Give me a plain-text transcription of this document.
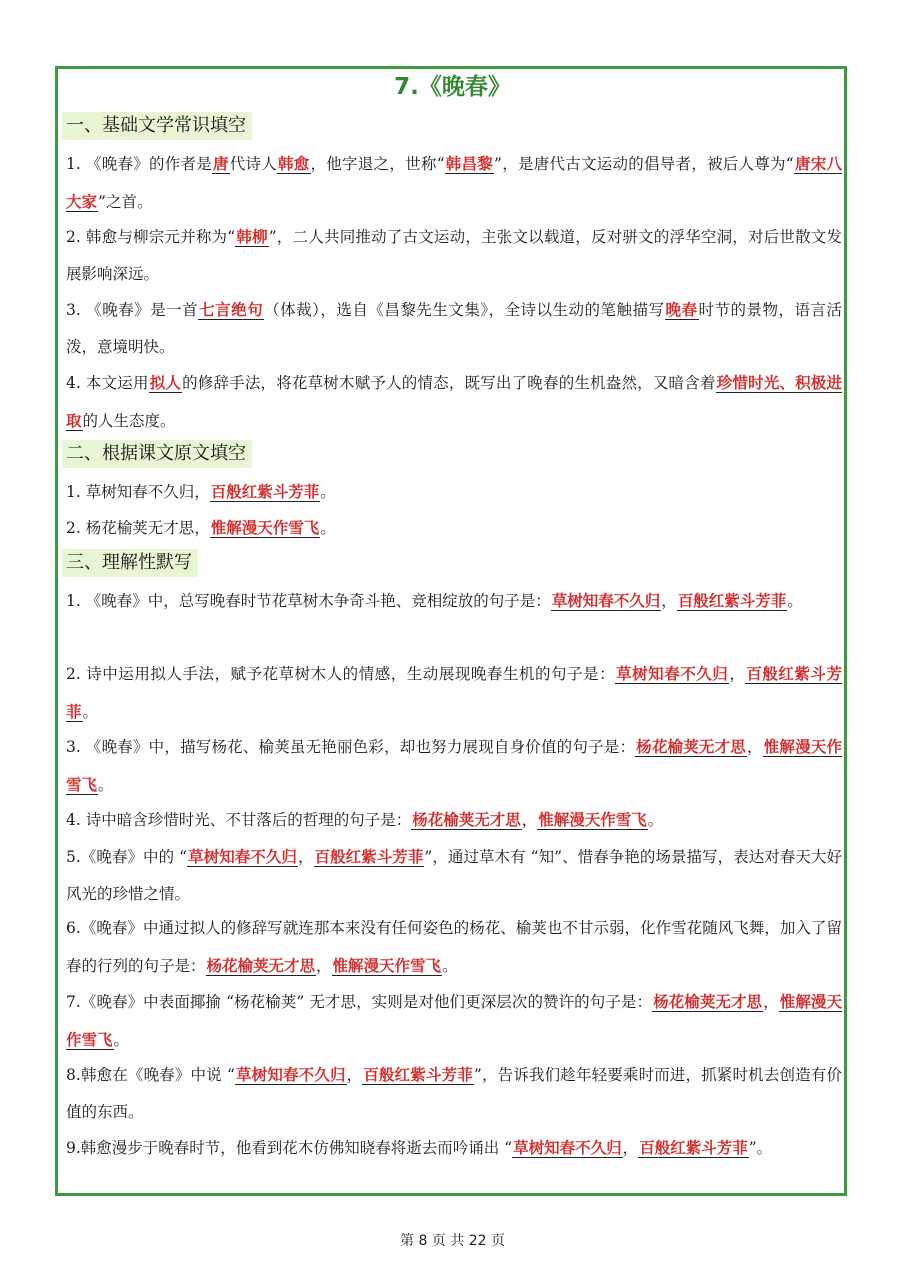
7.《晚春》
一、基础文学常识填空

1. 《晚春》的作者是唐代诗人韩愈，他字退之，世称“韩昌黎”，是唐代古文运动的倡导者，被后人尊为“唐宋八大家”之首。

2. 韩愈与柳宗元并称为“韩柳”，二人共同推动了古文运动，主张文以载道，反对骈文的浮华空洞，对后世散文发展影响深远。

3. 《晚春》是一首七言绝句（体裁），选自《昌黎先生文集》，全诗以生动的笔触描写晚春时节的景物，语言活泼，意境明快。

4. 本文运用拟人的修辞手法，将花草树木赋予人的情态，既写出了晚春的生机盎然，又暗含着珍惜时光、积极进取的人生态度。

二、根据课文原文填空

1. 草树知春不久归，百般红紫斗芳菲。

2. 杨花榆荚无才思，惟解漫天作雪飞。

三、理解性默写

1. 《晚春》中，总写晚春时节花草树木争奇斗艳、竞相绽放的句子是：草树知春不久归，百般红紫斗芳菲。

2. 诗中运用拟人手法，赋予花草树木人的情感，生动展现晚春生机的句子是：草树知春不久归，百般红紫斗芳菲。

3. 《晚春》中，描写杨花、榆荚虽无艳丽色彩，却也努力展现自身价值的句子是：杨花榆荚无才思，惟解漫天作雪飞。

4. 诗中暗含珍惜时光、不甘落后的哲理的句子是：杨花榆荚无才思，惟解漫天作雪飞。

5.《晚春》中的 “草树知春不久归，百般红紫斗芳菲”，通过草木有 “知”、惜春争艳的场景描写，表达对春天大好风光的珍惜之情。

6.《晚春》中通过拟人的修辞写就连那本来没有任何姿色的杨花、榆荚也不甘示弱，化作雪花随风飞舞，加入了留春的行列的句子是：杨花榆荚无才思，惟解漫天作雪飞。

7.《晚春》中表面揶揄 “杨花榆荚” 无才思，实则是对他们更深层次的赞许的句子是：杨花榆荚无才思，惟解漫天作雪飞。

8.韩愈在《晚春》中说 “草树知春不久归，百般红紫斗芳菲”，告诉我们趁年轻要乘时而进，抓紧时机去创造有价值的东西。

9.韩愈漫步于晚春时节，他看到花木仿佛知晓春将逝去而吟诵出 “草树知春不久归，百般红紫斗芳菲”。

第 8 页 共 22 页
